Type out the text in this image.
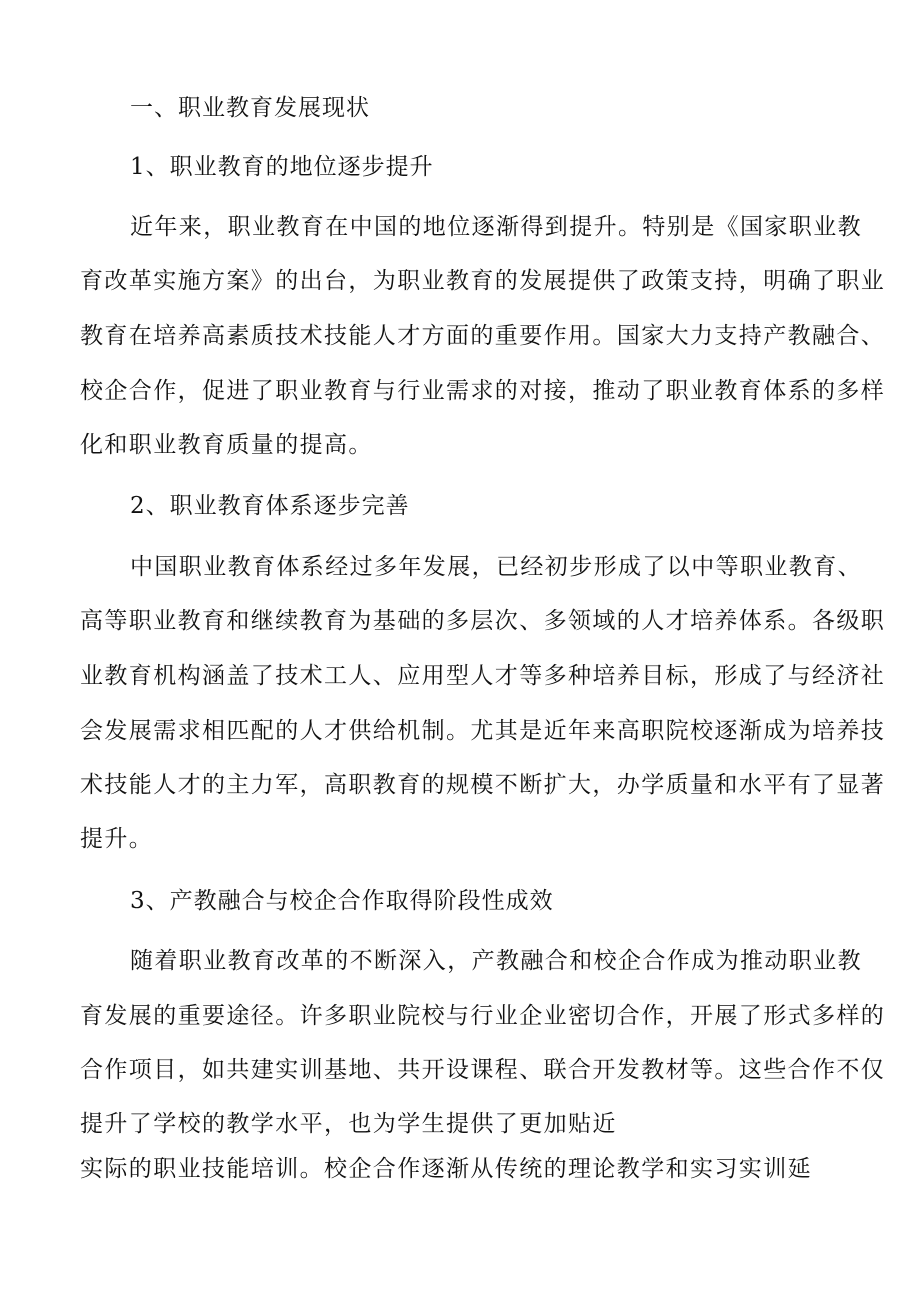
一、职业教育发展现状
1、职业教育的地位逐步提升
近年来，职业教育在中国的地位逐渐得到提升。特别是《国家职业教
育改革实施方案》的出台，为职业教育的发展提供了政策支持，明确了职业
教育在培养高素质技术技能人才方面的重要作用。国家大力支持产教融合、
校企合作，促进了职业教育与行业需求的对接，推动了职业教育体系的多样
化和职业教育质量的提高。
2、职业教育体系逐步完善
中国职业教育体系经过多年发展，已经初步形成了以中等职业教育、
高等职业教育和继续教育为基础的多层次、多领域的人才培养体系。各级职
业教育机构涵盖了技术工人、应用型人才等多种培养目标，形成了与经济社
会发展需求相匹配的人才供给机制。尤其是近年来高职院校逐渐成为培养技
术技能人才的主力军，高职教育的规模不断扩大，办学质量和水平有了显著
提升。
3、产教融合与校企合作取得阶段性成效
随着职业教育改革的不断深入，产教融合和校企合作成为推动职业教
育发展的重要途径。许多职业院校与行业企业密切合作，开展了形式多样的
合作项目，如共建实训基地、共开设课程、联合开发教材等。这些合作不仅
提升了学校的教学水平，也为学生提供了更加贴近
实际的职业技能培训。校企合作逐渐从传统的理论教学和实习实训延
